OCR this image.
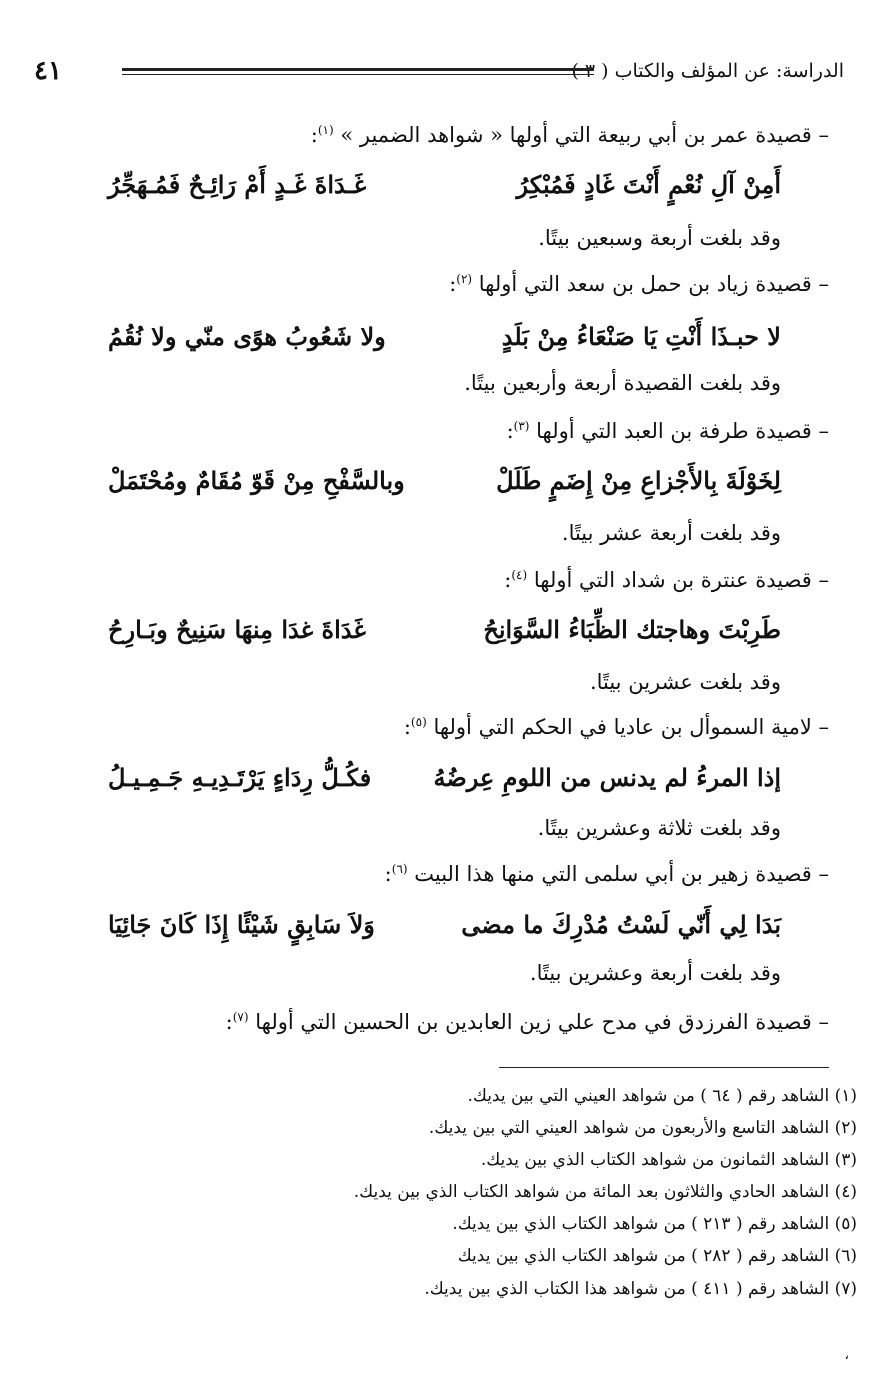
الدراسة: عن المؤلف والكتاب ( ٣ )
٤١
– قصيدة عمر بن أبي ربيعة التي أولها « شواهد الضمير » $^{(١)}$:
أَمِنْ آلِ نُعْمٍ أَنْتَ غَادٍ فَمُبْكِرُ
غَـدَاةَ غَـدٍ أَمْ رَائِـحٌ فَمُـهَجِّرُ
وقد بلغت أربعة وسبعين بيتًا.
– قصيدة زياد بن حمل بن سعد التي أولها $^{(٢)}$:
لا حبـذَا أَنْتِ يَا صَنْعَاءُ مِنْ بَلَدٍ
ولا شَعُوبُ هوًى منّي ولا نُقُمُ
وقد بلغت القصيدة أربعة وأربعين بيتًا.
– قصيدة طرفة بن العبد التي أولها $^{(٣)}$:
لِخَوْلَةَ بِالأَجْزاعِ مِنْ إِضَمٍ طَلَلْ
وبالسَّفْحِ مِنْ قَوّ مُقَامٌ ومُحْتَمَلْ
وقد بلغت أربعة عشر بيتًا.
– قصيدة عنترة بن شداد التي أولها $^{(٤)}$:
طَرِبْتَ وهاجتك الظِّبَاءُ السَّوَانِحُ
غَدَاةَ غدَا مِنهَا سَنِيحٌ وبَـارِحُ
وقد بلغت عشرين بيتًا.
– لامية السموأل بن عاديا في الحكم التي أولها $^{(٥)}$:
إذا المرءُ لم يدنس من اللومِ عِرضُهُ
فكُـلُّ رِدَاءٍ يَرْتَـدِيـهِ جَـمِـيـلُ
وقد بلغت ثلاثة وعشرين بيتًا.
– قصيدة زهير بن أبي سلمى التي منها هذا البيت $^{(٦)}$:
بَدَا لِي أَنّي لَسْتُ مُدْرِكَ ما مضى
وَلاَ سَابِقٍ شَيْئًا إِذَا كَانَ جَائِيَا
وقد بلغت أربعة وعشرين بيتًا.
– قصيدة الفرزدق في مدح علي زين العابدين بن الحسين التي أولها $^{(٧)}$:
(١) الشاهد رقم ( ٦٤ ) من شواهد العيني التي بين يديك.
(٢) الشاهد التاسع والأربعون من شواهد العيني التي بين يديك.
(٣) الشاهد الثمانون من شواهد الكتاب الذي بين يديك.
(٤) الشاهد الحادي والثلاثون بعد المائة من شواهد الكتاب الذي بين يديك.
(٥) الشاهد رقم ( ٢١٣ ) من شواهد الكتاب الذي بين يديك.
(٦) الشاهد رقم ( ٢٨٢ ) من شواهد الكتاب الذي بين يديك
(٧) الشاهد رقم ( ٤١١ ) من شواهد هذا الكتاب الذي بين يديك.
،
